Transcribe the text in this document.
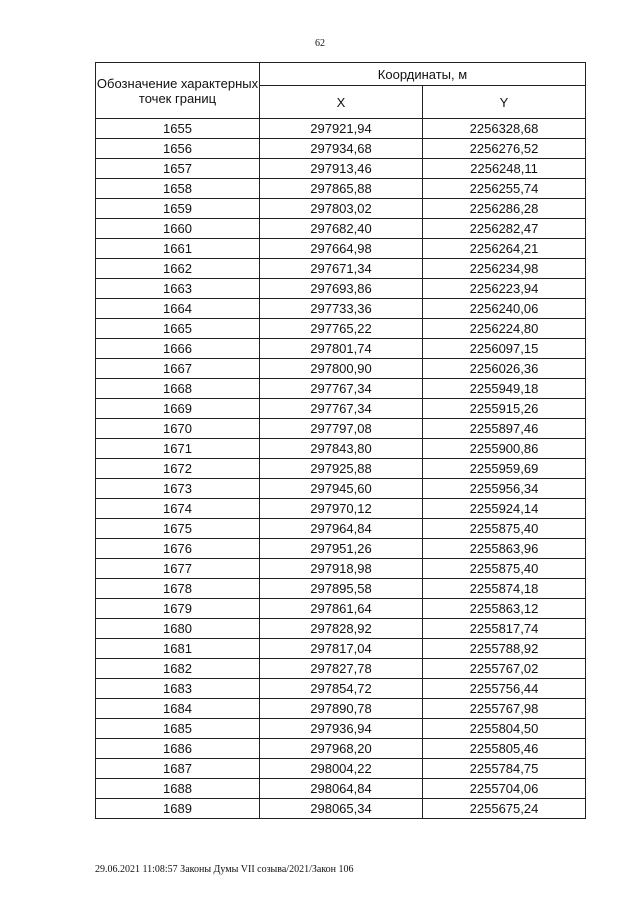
62
Обозначение характерных точек границ	Координаты, м	
	X	Y
1655	297921,94	2256328,68
1656	297934,68	2256276,52
1657	297913,46	2256248,11
1658	297865,88	2256255,74
1659	297803,02	2256286,28
1660	297682,40	2256282,47
1661	297664,98	2256264,21
1662	297671,34	2256234,98
1663	297693,86	2256223,94
1664	297733,36	2256240,06
1665	297765,22	2256224,80
1666	297801,74	2256097,15
1667	297800,90	2256026,36
1668	297767,34	2255949,18
1669	297767,34	2255915,26
1670	297797,08	2255897,46
1671	297843,80	2255900,86
1672	297925,88	2255959,69
1673	297945,60	2255956,34
1674	297970,12	2255924,14
1675	297964,84	2255875,40
1676	297951,26	2255863,96
1677	297918,98	2255875,40
1678	297895,58	2255874,18
1679	297861,64	2255863,12
1680	297828,92	2255817,74
1681	297817,04	2255788,92
1682	297827,78	2255767,02
1683	297854,72	2255756,44
1684	297890,78	2255767,98
1685	297936,94	2255804,50
1686	297968,20	2255805,46
1687	298004,22	2255784,75
1688	298064,84	2255704,06
1689	298065,34	2255675,24
29.06.2021 11:08:57 Законы Думы VII созыва/2021/Закон 106
